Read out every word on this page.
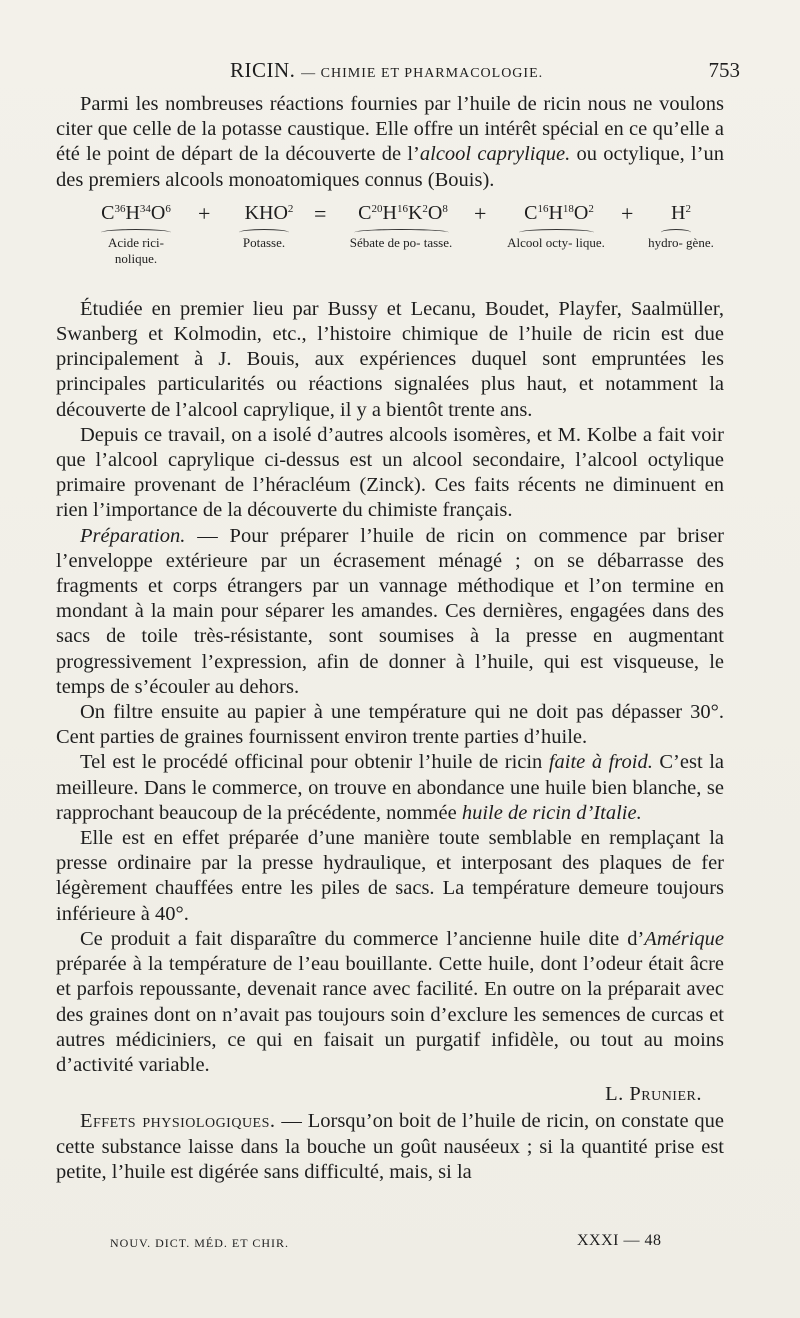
RICIN. — CHIMIE ET PHARMACOLOGIE.	753

Parmi les nombreuses réactions fournies par l’huile de ricin nous ne voulons citer que celle de la potasse caustique. Elle offre un intérêt spécial en ce qu’elle a été le point de départ de la découverte de l’alcool caprylique. ou octylique, l’un des premiers alcools monoatomiques connus (Bouis).

$C^{36}H^{34}O^6$
Acide rici- nolique.
+	$KHO^2$
Potasse.
=	$C^{20}H^{16}K^2O^8$
Sébate de po- tasse.
+	$C^{16}H^{18}O^2$
Alcool octy- lique.
+	$H^2$
hydro- gène.

Étudiée en premier lieu par Bussy et Lecanu, Boudet, Playfer, Saalmüller, Swanberg et Kolmodin, etc., l’histoire chimique de l’huile de ricin est due principalement à J. Bouis, aux expériences duquel sont empruntées les principales particularités ou réactions signalées plus haut, et notamment la découverte de l’alcool caprylique, il y a bientôt trente ans.

Depuis ce travail, on a isolé d’autres alcools isomères, et M. Kolbe a fait voir que l’alcool caprylique ci-dessus est un alcool secondaire, l’alcool octylique primaire provenant de l’héracléum (Zinck). Ces faits récents ne diminuent en rien l’importance de la découverte du chimiste français.

Préparation. — Pour préparer l’huile de ricin on commence par briser l’enveloppe extérieure par un écrasement ménagé ; on se débarrasse des fragments et corps étrangers par un vannage méthodique et l’on termine en mondant à la main pour séparer les amandes. Ces dernières, engagées dans des sacs de toile très-résistante, sont soumises à la presse en augmentant progressivement l’expression, afin de donner à l’huile, qui est visqueuse, le temps de s’écouler au dehors.

On filtre ensuite au papier à une température qui ne doit pas dépasser 30°. Cent parties de graines fournissent environ trente parties d’huile.

Tel est le procédé officinal pour obtenir l’huile de ricin faite à froid. C’est la meilleure. Dans le commerce, on trouve en abondance une huile bien blanche, se rapprochant beaucoup de la précédente, nommée huile de ricin d’Italie.

Elle est en effet préparée d’une manière toute semblable en remplaçant la presse ordinaire par la presse hydraulique, et interposant des plaques de fer légèrement chauffées entre les piles de sacs. La température demeure toujours inférieure à 40°.

Ce produit a fait disparaître du commerce l’ancienne huile dite d’Amérique préparée à la température de l’eau bouillante. Cette huile, dont l’odeur était âcre et parfois repoussante, devenait rance avec facilité. En outre on la préparait avec des graines dont on n’avait pas toujours soin d’exclure les semences de curcas et autres médiciniers, ce qui en faisait un purgatif infidèle, ou tout au moins d’activité variable.

L. Prunier.

Effets physiologiques. — Lorsqu’on boit de l’huile de ricin, on constate que cette substance laisse dans la bouche un goût nauséeux ; si la quantité prise est petite, l’huile est digérée sans difficulté, mais, si la

NOUV. DICT. MÉD. ET CHIR.	XXXI — 48
